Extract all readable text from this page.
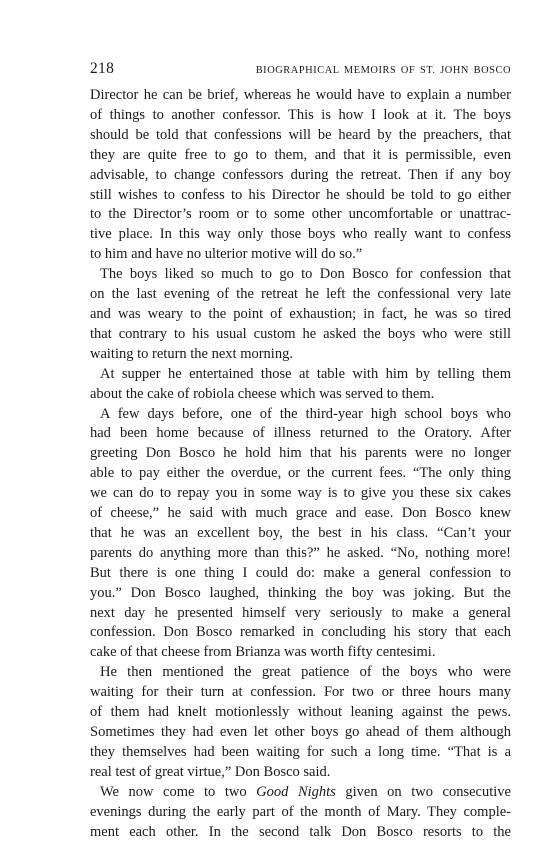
218	BIOGRAPHICAL MEMOIRS OF ST. JOHN BOSCO

Director he can be brief, whereas he would have to explain a number
of things to another confessor. This is how I look at it. The boys
should be told that confessions will be heard by the preachers, that
they are quite free to go to them, and that it is permissible, even
advisable, to change confessors during the retreat. Then if any boy
still wishes to confess to his Director he should be told to go either
to the Director’s room or to some other uncomfortable or unattrac-
tive place. In this way only those boys who really want to confess
to him and have no ulterior motive will do so.”

The boys liked so much to go to Don Bosco for confession that
on the last evening of the retreat he left the confessional very late
and was weary to the point of exhaustion; in fact, he was so tired
that contrary to his usual custom he asked the boys who were still
waiting to return the next morning.

At supper he entertained those at table with him by telling them
about the cake of robiola cheese which was served to them.

A few days before, one of the third-year high school boys who
had been home because of illness returned to the Oratory. After
greeting Don Bosco he hold him that his parents were no longer
able to pay either the overdue, or the current fees. “The only thing
we can do to repay you in some way is to give you these six cakes
of cheese,” he said with much grace and ease. Don Bosco knew
that he was an excellent boy, the best in his class. “Can’t your
parents do anything more than this?” he asked. “No, nothing more!
But there is one thing I could do: make a general confession to
you.” Don Bosco laughed, thinking the boy was joking. But the
next day he presented himself very seriously to make a general
confession. Don Bosco remarked in concluding his story that each
cake of that cheese from Brianza was worth fifty centesimi.

He then mentioned the great patience of the boys who were
waiting for their turn at confession. For two or three hours many
of them had knelt motionlessly without leaning against the pews.
Sometimes they had even let other boys go ahead of them although
they themselves had been waiting for such a long time. “That is a
real test of great virtue,” Don Bosco said.

We now come to two Good Nights given on two consecutive
evenings during the early part of the month of Mary. They comple-
ment each other. In the second talk Don Bosco resorts to the
